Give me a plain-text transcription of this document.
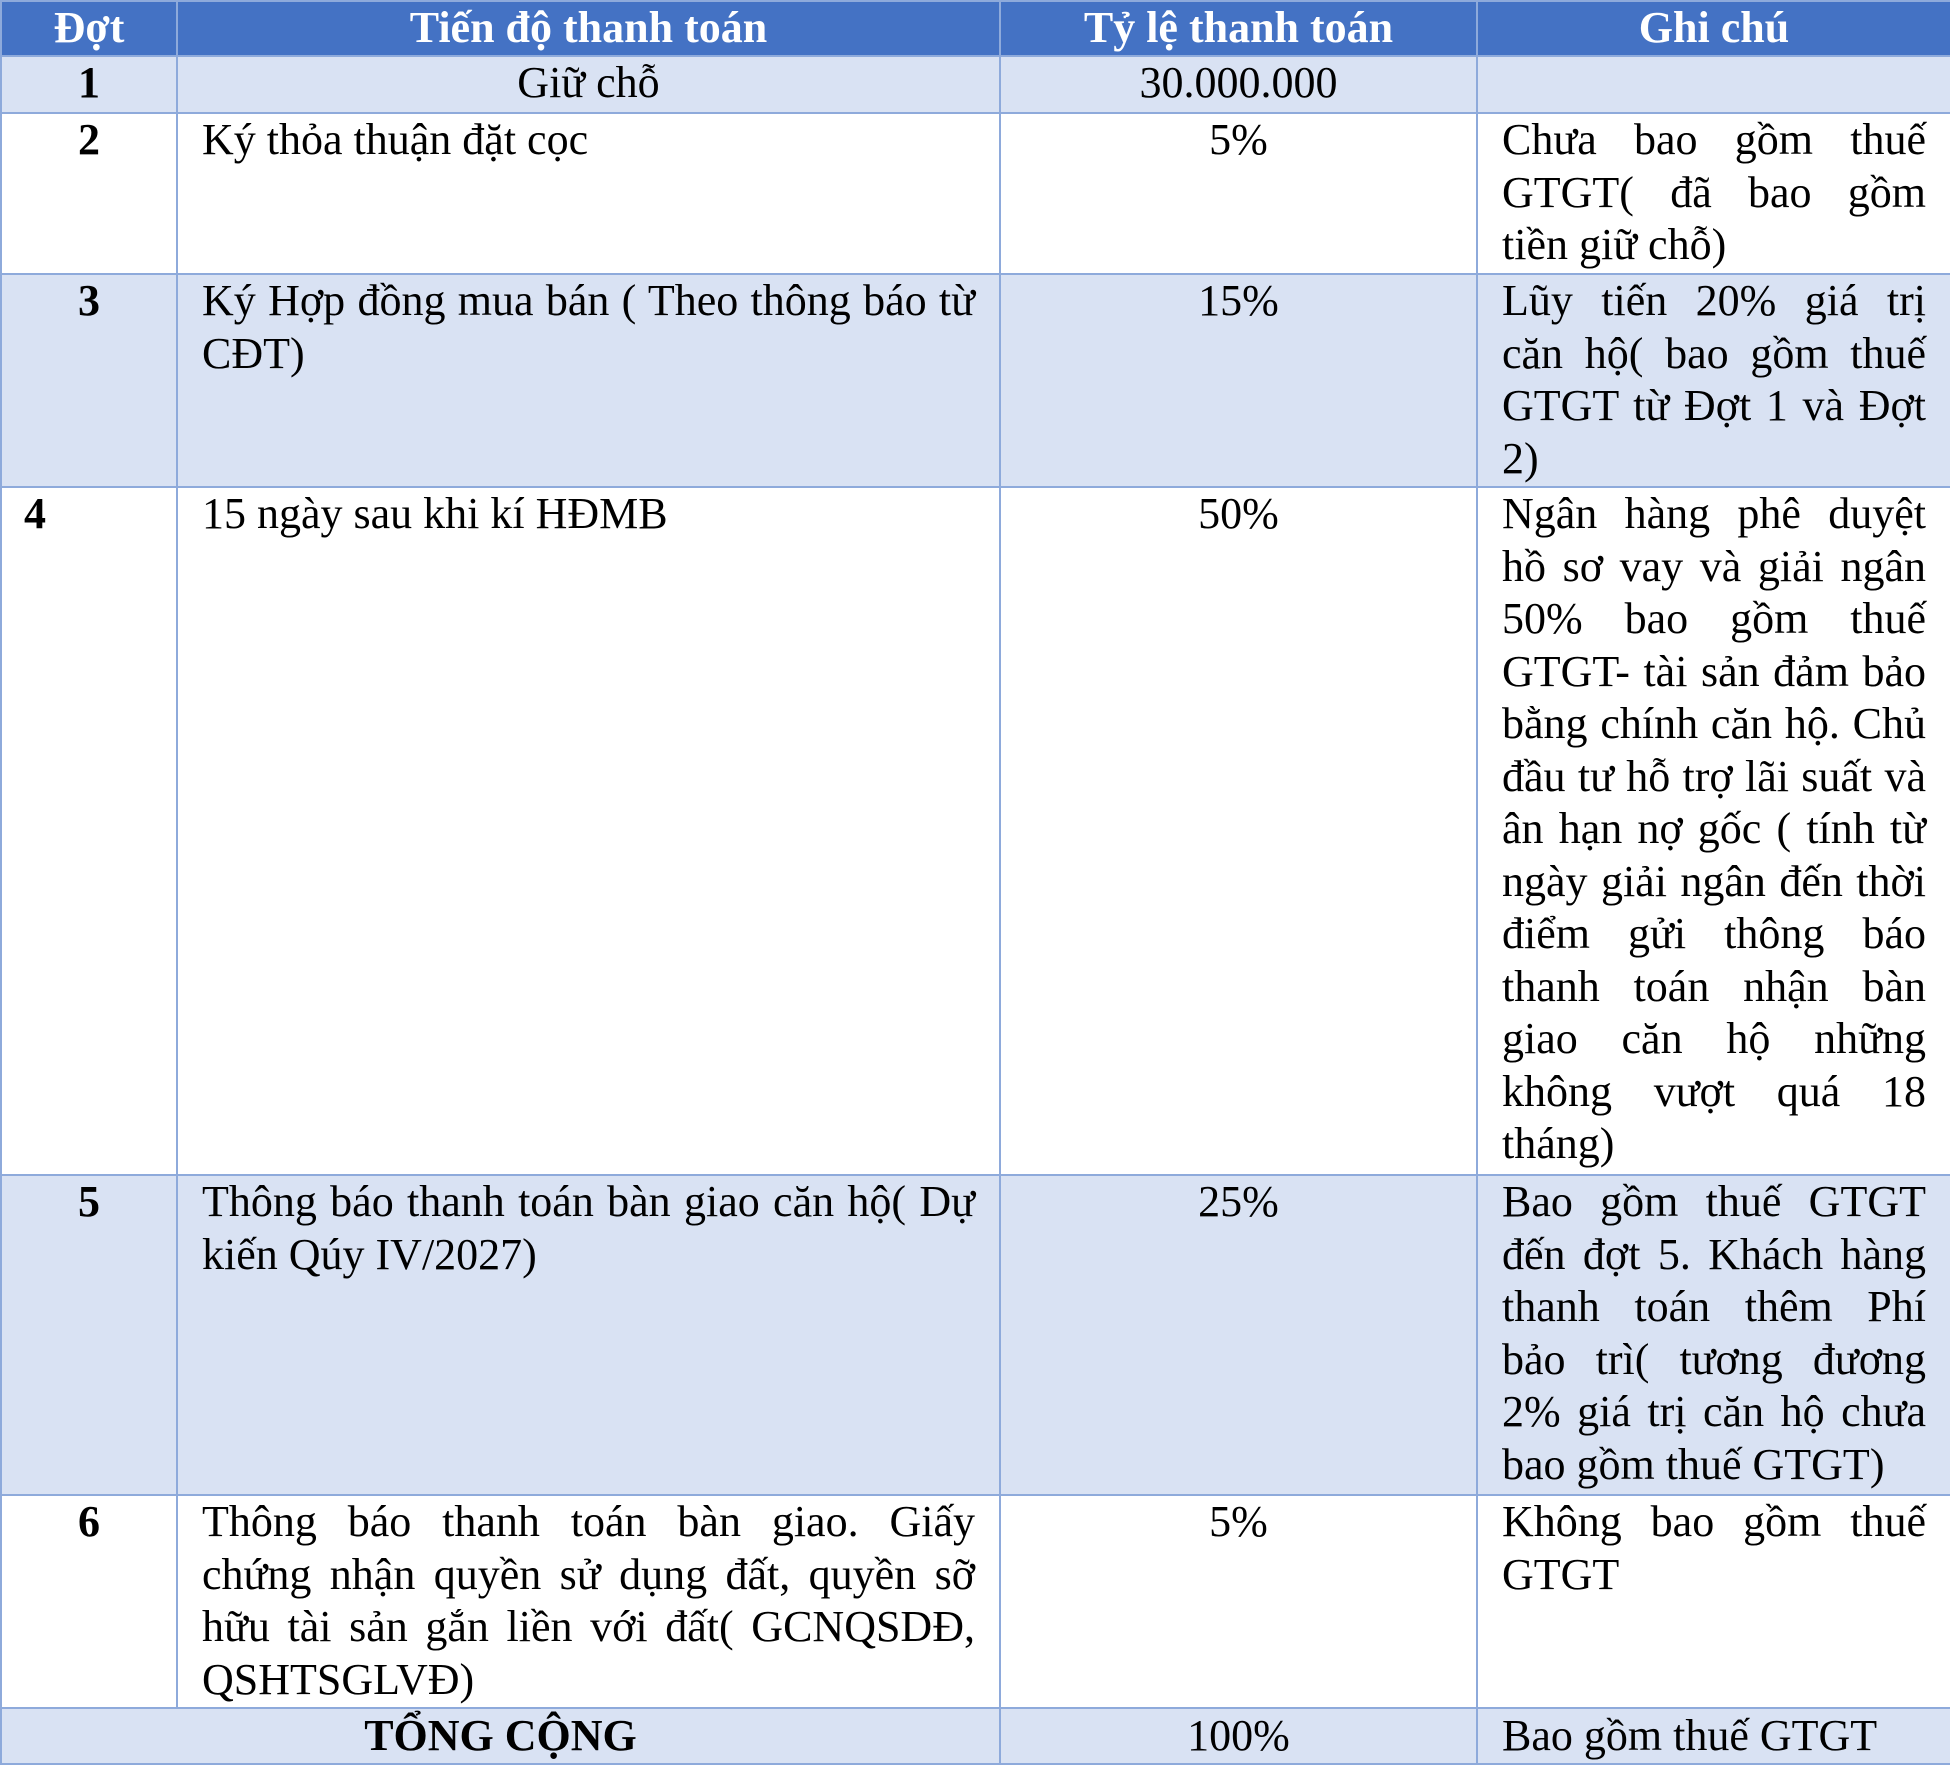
Đợt	Tiến độ thanh toán	Tỷ lệ thanh toán	Ghi chú
1	Giữ chỗ	30.000.000	
2	Ký thỏa thuận đặt cọc	5%	Chưa bao gồm thuế GTGT( đã bao gồm tiền giữ chỗ)
3	Ký Hợp đồng mua bán ( Theo thông báo từ CĐT)	15%	Lũy tiến 20% giá trị căn hộ( bao gồm thuế GTGT từ Đợt 1 và Đợt 2)
4	15 ngày sau khi kí HĐMB	50%	Ngân hàng phê duyệt hồ sơ vay và giải ngân 50% bao gồm thuế GTGT- tài sản đảm bảo bằng chính căn hộ. Chủ đầu tư hỗ trợ lãi suất và ân hạn nợ gốc ( tính từ ngày giải ngân đến thời điểm gửi thông báo thanh toán nhận bàn giao căn hộ những không vượt quá 18 tháng)
5	Thông báo thanh toán bàn giao căn hộ( Dự kiến Qúy IV/2027)	25%	Bao gồm thuế GTGT đến đợt 5. Khách hàng thanh toán thêm Phí bảo trì( tương đương 2% giá trị căn hộ chưa bao gồm thuế GTGT)
6	Thông báo thanh toán bàn giao. Giấy chứng nhận quyền sử dụng đất, quyền sỡ hữu tài sản gắn liền với đất( GCNQSDĐ, QSHTSGLVĐ)	5%	Không bao gồm thuế GTGT
TỔNG CỘNG		100%	Bao gồm thuế GTGT
